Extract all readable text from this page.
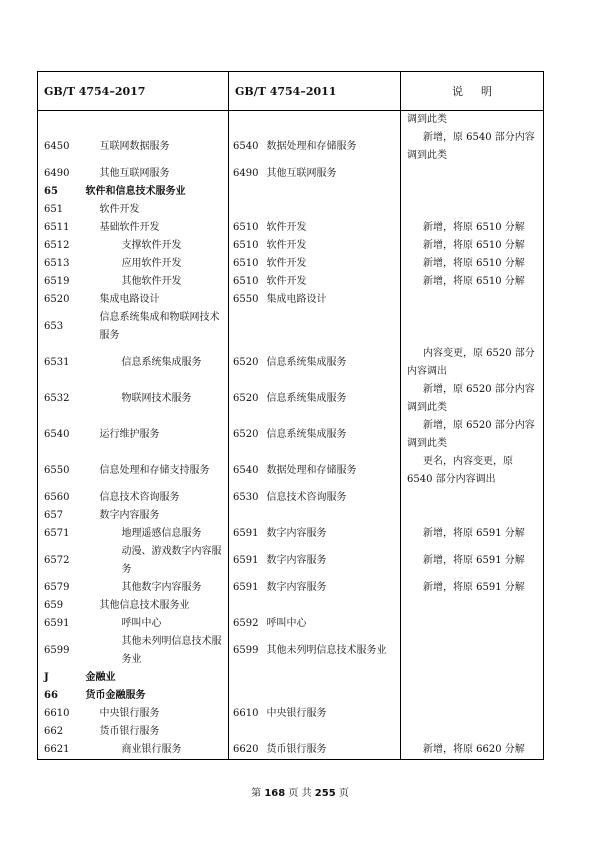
GB/T 4754–2017		GB/T 4754–2011		说明

				调到此类

6450	互联网数据服务	6540	数据处理和存储服务	新增，原 6540 部分内容调到此类

6490	其他互联网服务	6490	其他互联网服务	

65	软件和信息技术服务业			

651	软件开发			

6511	基础软件开发	6510	软件开发	新增，将原 6510 分解

6512	支撑软件开发	6510	软件开发	新增，将原 6510 分解

6513	应用软件开发	6510	软件开发	新增，将原 6510 分解

6519	其他软件开发	6510	软件开发	新增，将原 6510 分解

6520	集成电路设计	6550	集成电路设计	

653	信息系统集成和物联网技术服务			

6531	信息系统集成服务	6520	信息系统集成服务	内容变更，原 6520 部分内容调出

6532	物联网技术服务	6520	信息系统集成服务	新增，原 6520 部分内容调到此类

6540	运行维护服务	6520	信息系统集成服务	新增，原 6520 部分内容调到此类

6550	信息处理和存储支持服务	6540	数据处理和存储服务	更名，内容变更，原 6540 部分内容调出

6560	信息技术咨询服务	6530	信息技术咨询服务	

657	数字内容服务			

6571	地理遥感信息服务	6591	数字内容服务	新增，将原 6591 分解

6572	动漫、游戏数字内容服务	6591	数字内容服务	新增，将原 6591 分解

6579	其他数字内容服务	6591	数字内容服务	新增，将原 6591 分解

659	其他信息技术服务业			

6591	呼叫中心	6592	呼叫中心	

6599	其他未列明信息技术服务业	6599	其他未列明信息技术服务业	

J	金融业			

66	货币金融服务			

6610	中央银行服务	6610	中央银行服务	

662	货币银行服务			

6621	商业银行服务	6620	货币银行服务	新增，将原 6620 分解
第 168 页 共 255 页
